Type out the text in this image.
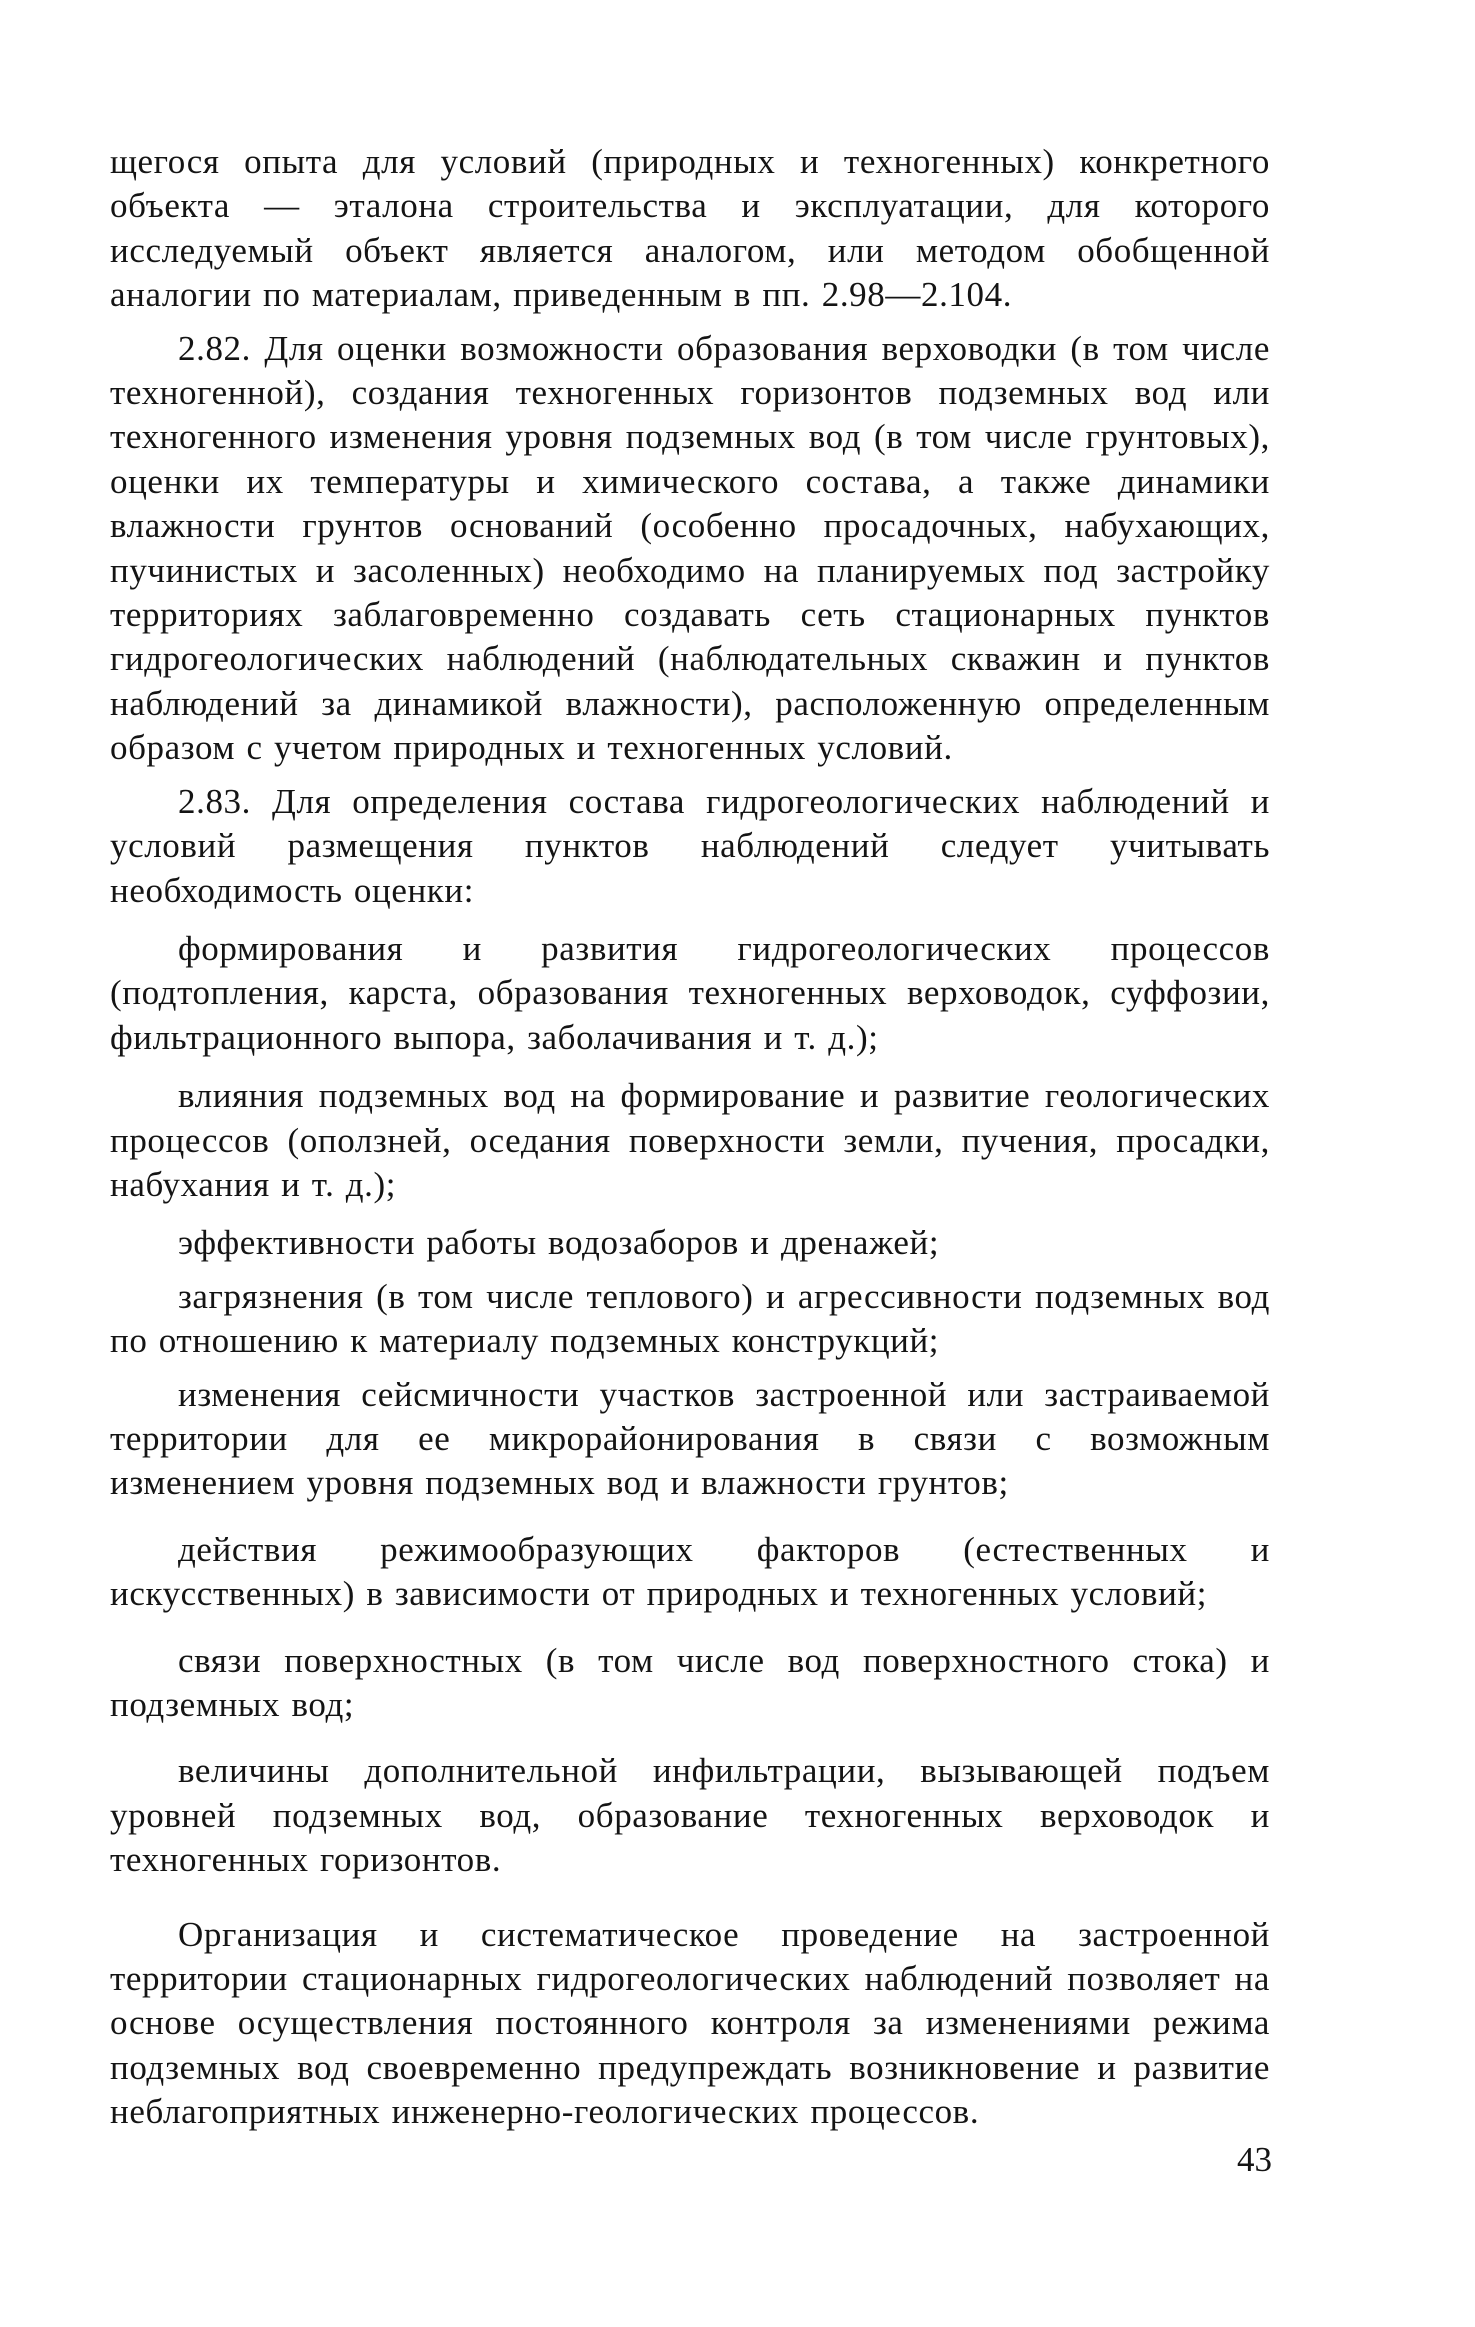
щегося опыта для условий (природных и техногенных) конкретного объекта — эталона строительства и эксплуатации, для которого исследуемый объект является аналогом, или методом обобщенной аналогии по материалам, приведенным в пп. 2.98—2.104.

2.82. Для оценки возможности образования верховодки (в том числе техногенной), создания техногенных горизонтов подземных вод или техногенного изменения уровня подземных вод (в том числе грунтовых), оценки их температуры и химического состава, а также динамики влажности грунтов оснований (особенно просадочных, набухающих, пучинистых и засоленных) необходимо на планируемых под застройку территориях заблаговременно создавать сеть стационарных пунктов гидрогеологических наблюдений (наблюдательных скважин и пунктов наблюдений за динамикой влажности), расположенную определенным образом с учетом природных и техногенных условий.

2.83. Для определения состава гидрогеологических наблюдений и условий размещения пунктов наблюдений следует учитывать необходимость оценки:

формирования и развития гидрогеологических процессов (подтопления, карста, образования техногенных верховодок, суффозии, фильтрационного выпора, заболачивания и т. д.);

влияния подземных вод на формирование и развитие геологических процессов (оползней, оседания поверхности земли, пучения, просадки, набухания и т. д.);

эффективности работы водозаборов и дренажей;

загрязнения (в том числе теплового) и агрессивности подземных вод по отношению к материалу подземных конструкций;

изменения сейсмичности участков застроенной или застраиваемой территории для ее микрорайонирования в связи с возможным изменением уровня подземных вод и влажности грунтов;

действия режимообразующих факторов (естественных и искусственных) в зависимости от природных и техногенных условий;

связи поверхностных (в том числе вод поверхностного стока) и подземных вод;

величины дополнительной инфильтрации, вызывающей подъем уровней подземных вод, образование техногенных верховодок и техногенных горизонтов.

Организация и систематическое проведение на застроенной территории стационарных гидрогеологических наблюдений позволяет на основе осуществления постоянного контроля за изменениями режима подземных вод своевременно предупреждать возникновение и развитие неблагоприятных инженерно-геологических процессов.

43
